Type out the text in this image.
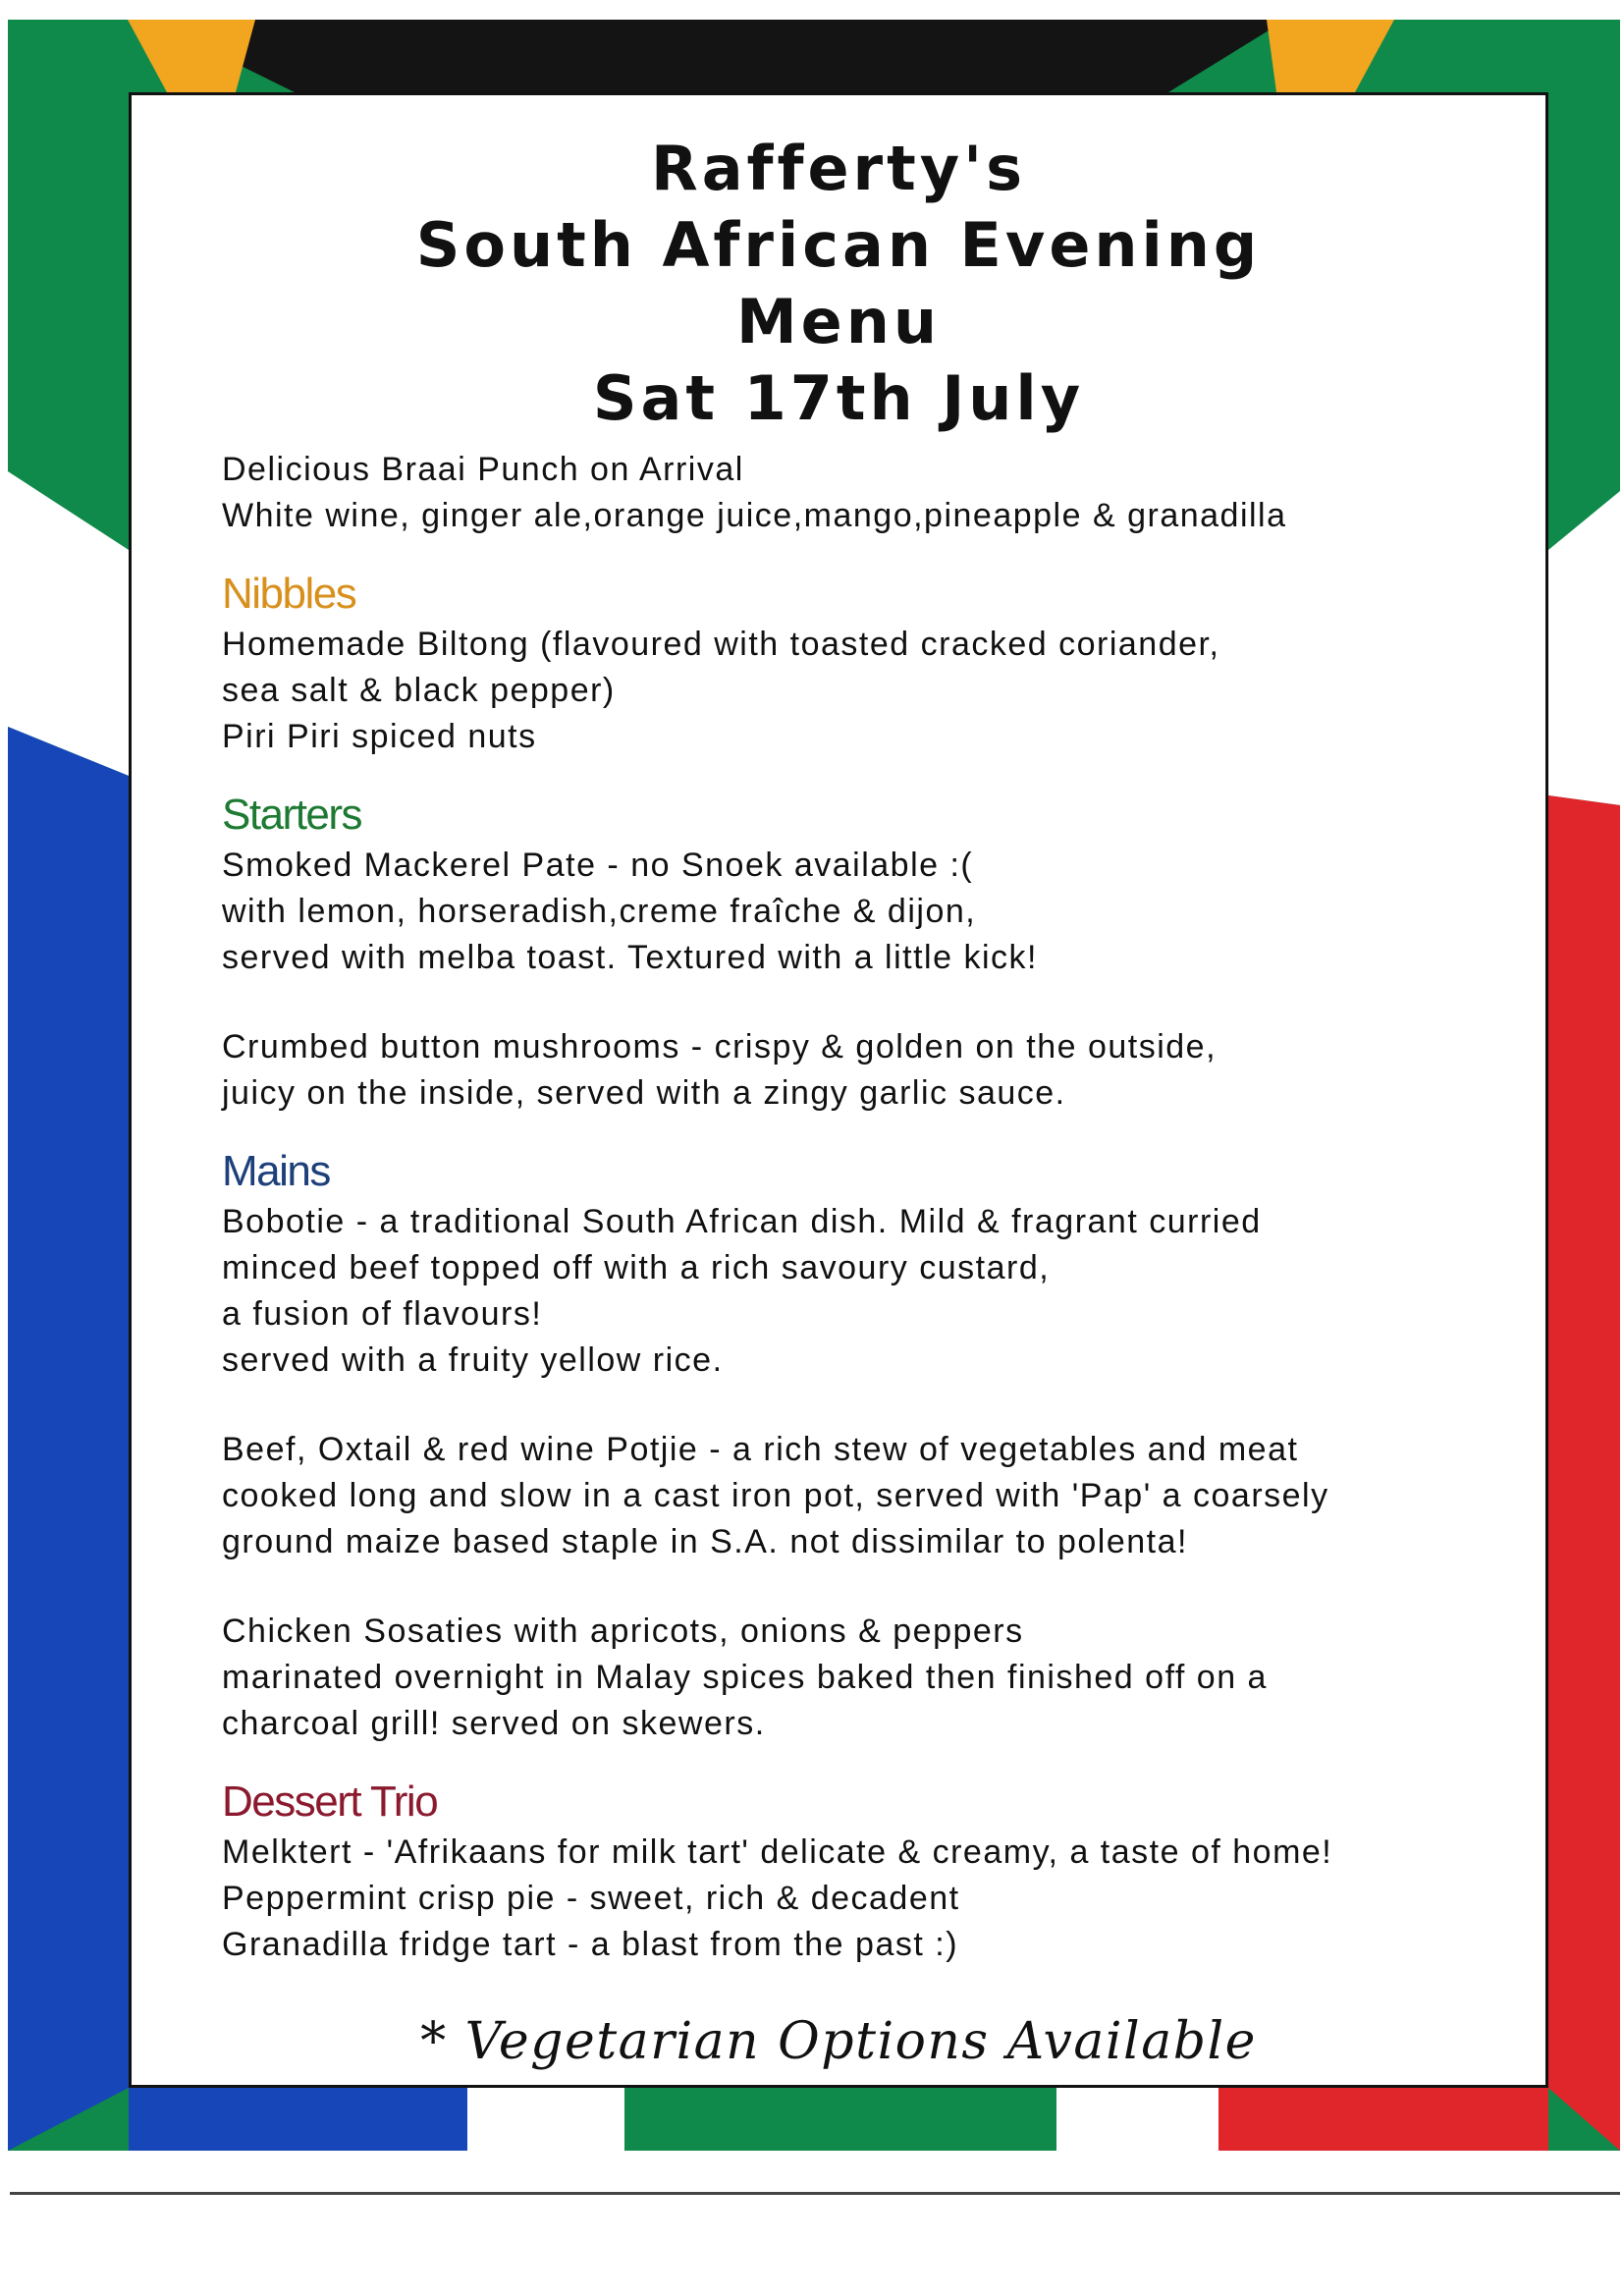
Rafferty's
South African Evening
Menu
Sat 17th July
Delicious Braai Punch on Arrival
White wine, ginger ale,orange juice,mango,pineapple & granadilla
Nibbles
Homemade Biltong (flavoured with toasted cracked coriander,
sea salt & black pepper)
Piri Piri spiced nuts
Starters
Smoked Mackerel Pate - no Snoek available :(
with lemon, horseradish,creme fraîche & dijon,
served with melba toast. Textured with a little kick!
Crumbed button mushrooms - crispy & golden on the outside,
juicy on the inside, served with a zingy garlic sauce.
Mains
Bobotie - a traditional South African dish. Mild & fragrant curried
minced beef topped off with a rich savoury custard,
a fusion of flavours!
served with a fruity yellow rice.
Beef, Oxtail & red wine Potjie - a rich stew of vegetables and meat
cooked long and slow in a cast iron pot, served with 'Pap' a coarsely
ground maize based staple in S.A. not dissimilar to polenta!
Chicken Sosaties with apricots, onions & peppers
marinated overnight in Malay spices baked then finished off on a
charcoal grill! served on skewers.
Dessert Trio
Melktert - 'Afrikaans for milk tart' delicate & creamy, a taste of home!
Peppermint crisp pie - sweet, rich & decadent
Granadilla fridge tart - a blast from the past :)
* Vegetarian Options Available
